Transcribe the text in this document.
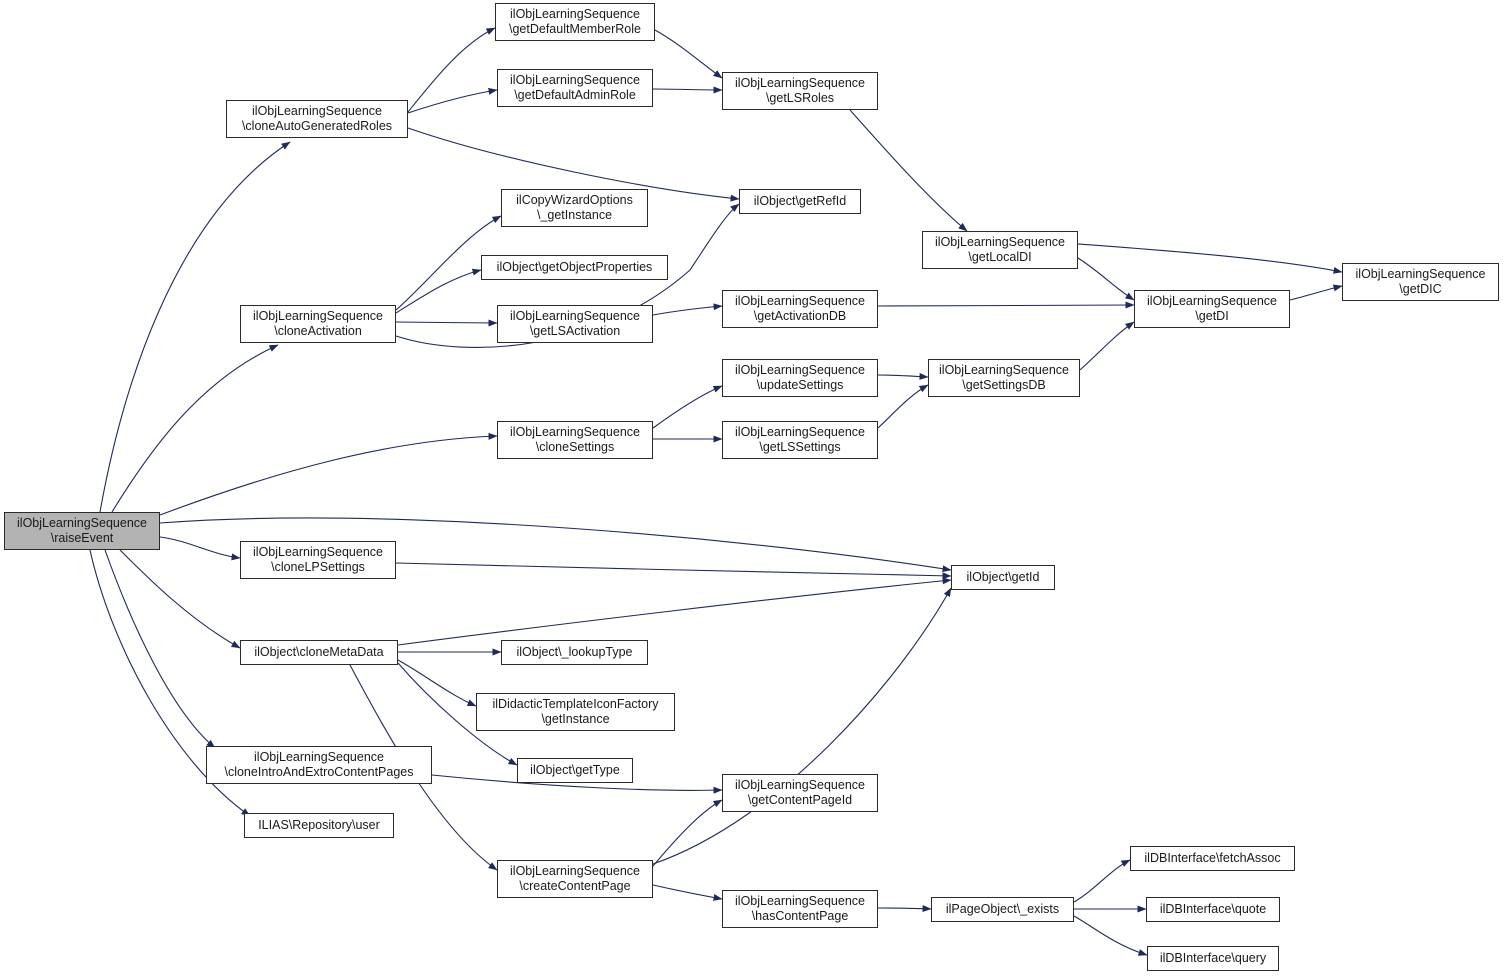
ilObjLearningSequence
\raiseEvent
ilObjLearningSequence
\cloneAutoGeneratedRoles
ilObjLearningSequence
\getDefaultMemberRole
ilObjLearningSequence
\getDefaultAdminRole
ilObjLearningSequence
\getLSRoles
ilObject\getRefId
ilObjLearningSequence
\getLocalDI
ilObjLearningSequence
\getDI
ilObjLearningSequence
\getDIC
ilCopyWizardOptions
\_getInstance
ilObject\getObjectProperties
ilObjLearningSequence
\cloneActivation
ilObjLearningSequence
\getLSActivation
ilObjLearningSequence
\getActivationDB
ilObjLearningSequence
\updateSettings
ilObjLearningSequence
\getSettingsDB
ilObjLearningSequence
\cloneSettings
ilObjLearningSequence
\getLSSettings
ilObject\getId
ilObjLearningSequence
\cloneLPSettings
ilObject\cloneMetaData	ilObject\_lookupType
ilDidacticTemplateIconFactory
\getInstance
ilObject\getType
ilObjLearningSequence
\cloneIntroAndExtroContentPages
ILIAS\Repository\user
ilObjLearningSequence
\getContentPageId
ilObjLearningSequence
\createContentPage
ilObjLearningSequence
\hasContentPage	ilPageObject\_exists
ilDBInterface\fetchAssoc
ilDBInterface\quote
ilDBInterface\query
